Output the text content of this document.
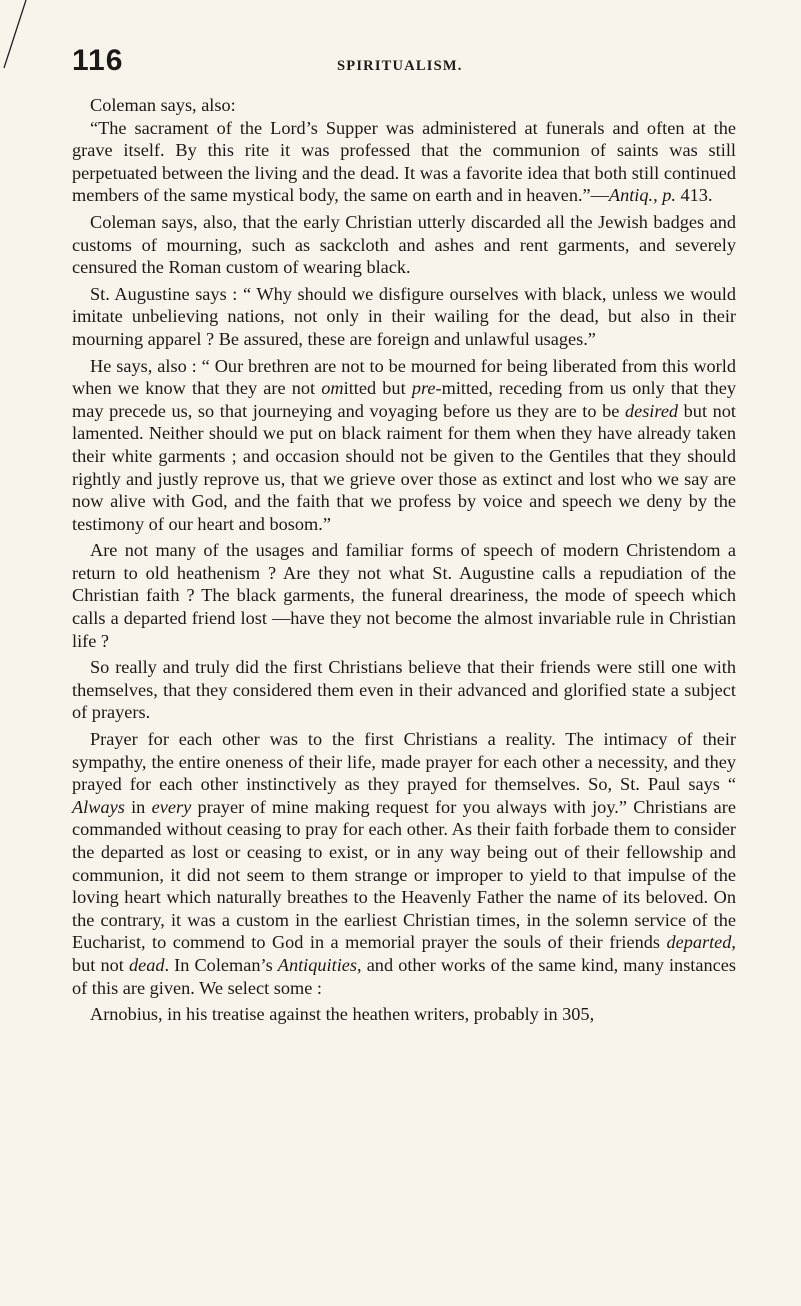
116	SPIRITUALISM.

Coleman says, also:

“The sacrament of the Lord’s Supper was administered at funerals and often at the grave itself. By this rite it was professed that the communion of saints was still perpetuated between the living and the dead. It was a favorite idea that both still continued members of the same mystical body, the same on earth and in heaven.”—Antiq., p. 413.

Coleman says, also, that the early Christian utterly discarded all the Jewish badges and customs of mourning, such as sackcloth and ashes and rent garments, and severely censured the Roman custom of wearing black.

St. Augustine says : “ Why should we disfigure ourselves with black, unless we would imitate unbelieving nations, not only in their wailing for the dead, but also in their mourning apparel ? Be assured, these are foreign and unlawful usages.”

He says, also : “ Our brethren are not to be mourned for being liberated from this world when we know that they are not omitted but pre-mitted, receding from us only that they may precede us, so that journeying and voyaging before us they are to be desired but not lamented. Neither should we put on black raiment for them when they have already taken their white garments ; and occasion should not be given to the Gentiles that they should rightly and justly reprove us, that we grieve over those as extinct and lost who we say are now alive with God, and the faith that we profess by voice and speech we deny by the testimony of our heart and bosom.”

Are not many of the usages and familiar forms of speech of modern Christendom a return to old heathenism ? Are they not what St. Augustine calls a repudiation of the Christian faith ? The black garments, the funeral dreariness, the mode of speech which calls a departed friend lost —have they not become the almost invariable rule in Christian life ?

So really and truly did the first Christians believe that their friends were still one with themselves, that they considered them even in their advanced and glorified state a subject of prayers.

Prayer for each other was to the first Christians a reality. The intimacy of their sympathy, the entire oneness of their life, made prayer for each other a necessity, and they prayed for each other instinctively as they prayed for themselves. So, St. Paul says “ Always in every prayer of mine making request for you always with joy.” Christians are commanded without ceasing to pray for each other. As their faith forbade them to consider the departed as lost or ceasing to exist, or in any way being out of their fellowship and communion, it did not seem to them strange or improper to yield to that impulse of the loving heart which naturally breathes to the Heavenly Father the name of its beloved. On the contrary, it was a custom in the earliest Christian times, in the solemn service of the Eucharist, to commend to God in a memorial prayer the souls of their friends departed, but not dead. In Coleman’s Antiquities, and other works of the same kind, many instances of this are given. We select some :

Arnobius, in his treatise against the heathen writers, probably in 305,
